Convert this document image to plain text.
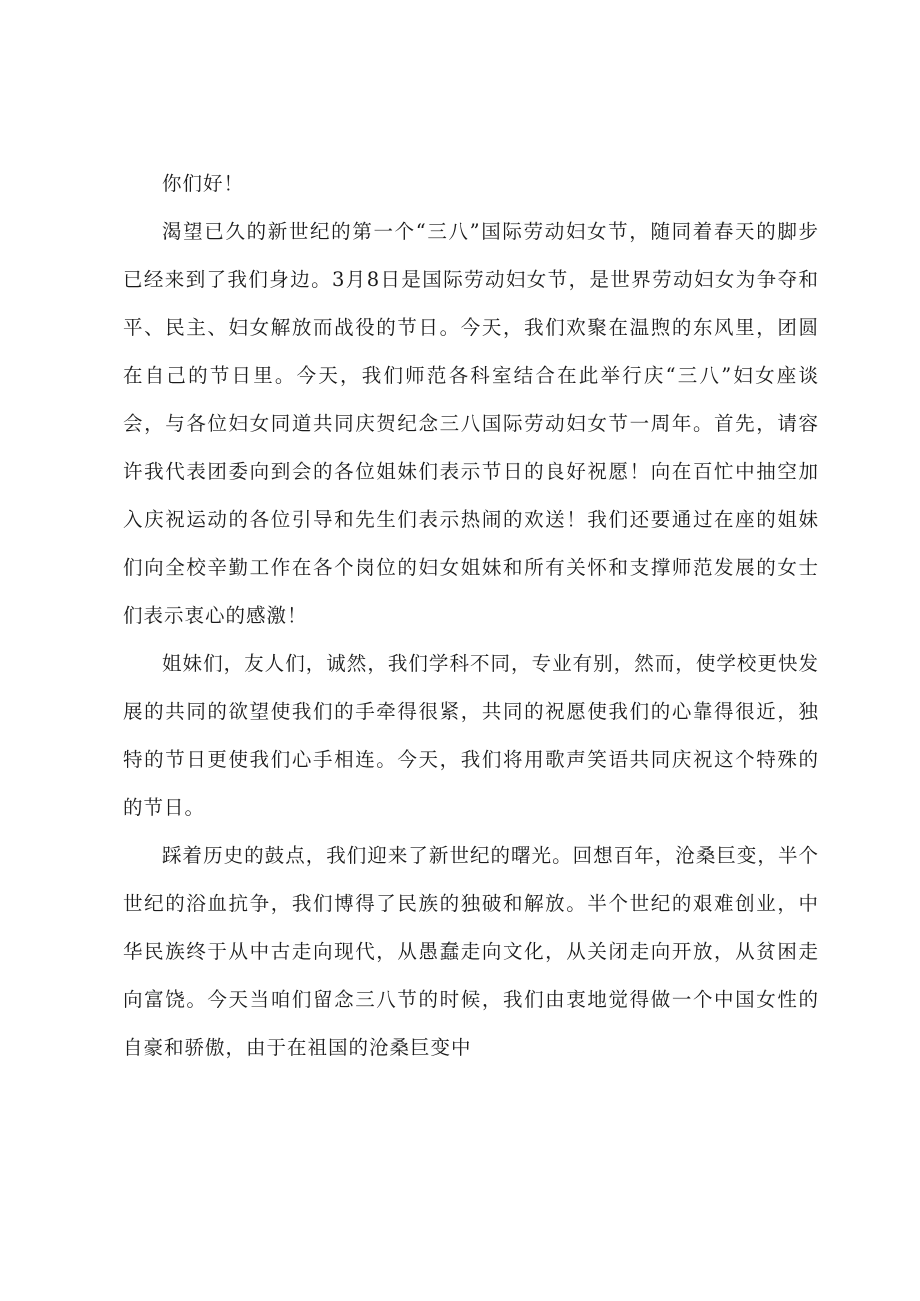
你们好！

渴望已久的新世纪的第一个“三八”国际劳动妇女节，随同着春天的脚步已经来到了我们身边。3月8日是国际劳动妇女节，是世界劳动妇女为争夺和平、民主、妇女解放而战役的节日。今天，我们欢聚在温煦的东风里，团圆在自己的节日里。今天，我们师范各科室结合在此举行庆“三八”妇女座谈会，与各位妇女同道共同庆贺纪念三八国际劳动妇女节一周年。首先，请容许我代表团委向到会的各位姐妹们表示节日的良好祝愿！向在百忙中抽空加入庆祝运动的各位引导和先生们表示热闹的欢送！我们还要通过在座的姐妹们向全校辛勤工作在各个岗位的妇女姐妹和所有关怀和支撑师范发展的女士们表示衷心的感激！

姐妹们，友人们，诚然，我们学科不同，专业有别，然而，使学校更快发展的共同的欲望使我们的手牵得很紧，共同的祝愿使我们的心靠得很近，独特的节日更使我们心手相连。今天，我们将用歌声笑语共同庆祝这个特殊的的节日。

踩着历史的鼓点，我们迎来了新世纪的曙光。回想百年，沧桑巨变，半个世纪的浴血抗争，我们博得了民族的独破和解放。半个世纪的艰难创业，中华民族终于从中古走向现代，从愚蠢走向文化，从关闭走向开放，从贫困走向富饶。今天当咱们留念三八节的时候，我们由衷地觉得做一个中国女性的自豪和骄傲，由于在祖国的沧桑巨变中
